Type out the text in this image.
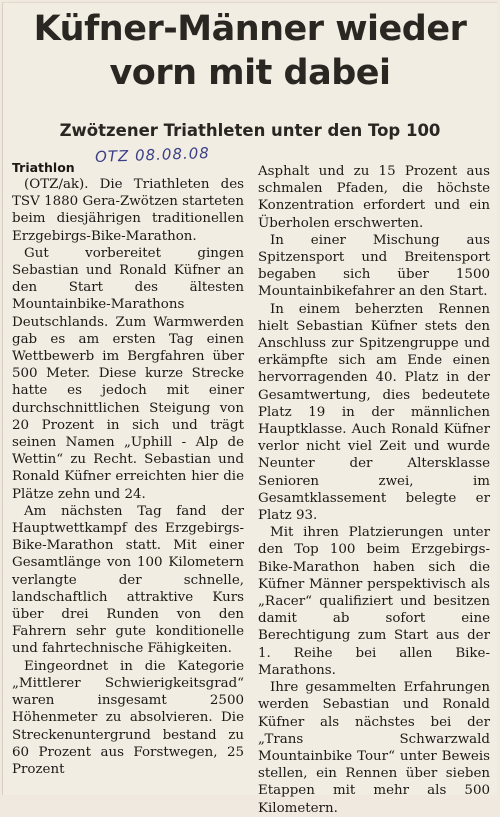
Küfner-Männer wieder
vorn mit dabei
Zwötzener Triathleten unter den Top 100
OTZ 08.08.08
Triathlon

(OTZ/ak). Die Triathleten des TSV 1880 Gera-Zwötzen starteten beim diesjährigen traditionellen Erzgebirgs-Bike-Marathon.

Gut vorbereitet gingen Sebastian und Ronald Küfner an den Start des ältesten Mountainbike-Marathons Deutschlands. Zum Warmwerden gab es am ersten Tag einen Wettbewerb im Bergfahren über 500 Meter. Diese kurze Strecke hatte es jedoch mit einer durchschnittlichen Steigung von 20 Prozent in sich und trägt seinen Namen „Uphill - Alp de Wettin“ zu Recht. Sebastian und Ronald Küfner erreichten hier die Plätze zehn und 24.

Am nächsten Tag fand der Hauptwettkampf des Erzgebirgs-Bike-Marathon statt. Mit einer Gesamtlänge von 100 Kilometern verlangte der schnelle, landschaftlich attraktive Kurs über drei Runden von den Fahrern sehr gute konditionelle und fahrtechnische Fähigkeiten.

Eingeordnet in die Kategorie „Mittlerer Schwierigkeitsgrad“ waren insgesamt 2500 Höhenmeter zu absolvieren. Die Streckenuntergrund bestand zu 60 Prozent aus Forstwegen, 25 Prozent

Asphalt und zu 15 Prozent aus schmalen Pfaden, die höchste Konzentration erfordert und ein Überholen erschwerten.

In einer Mischung aus Spitzensport und Breitensport begaben sich über 1500 Mountainbikefahrer an den Start.

In einem beherzten Rennen hielt Sebastian Küfner stets den Anschluss zur Spitzengruppe und erkämpfte sich am Ende einen hervorragenden 40. Platz in der Gesamtwertung, dies bedeutete Platz 19 in der männlichen Hauptklasse. Auch Ronald Küfner verlor nicht viel Zeit und wurde Neunter der Altersklasse Senioren zwei, im Gesamtklassement belegte er Platz 93.

Mit ihren Platzierungen unter den Top 100 beim Erzgebirgs-Bike-Marathon haben sich die Küfner Männer perspektivisch als „Racer“ qualifiziert und besitzen damit ab sofort eine Berechtigung zum Start aus der 1. Reihe bei allen Bike-Marathons.

Ihre gesammelten Erfahrungen werden Sebastian und Ronald Küfner als nächstes bei der „Trans Schwarzwald Mountainbike Tour“ unter Beweis stellen, ein Rennen über sieben Etappen mit mehr als 500 Kilometern.
